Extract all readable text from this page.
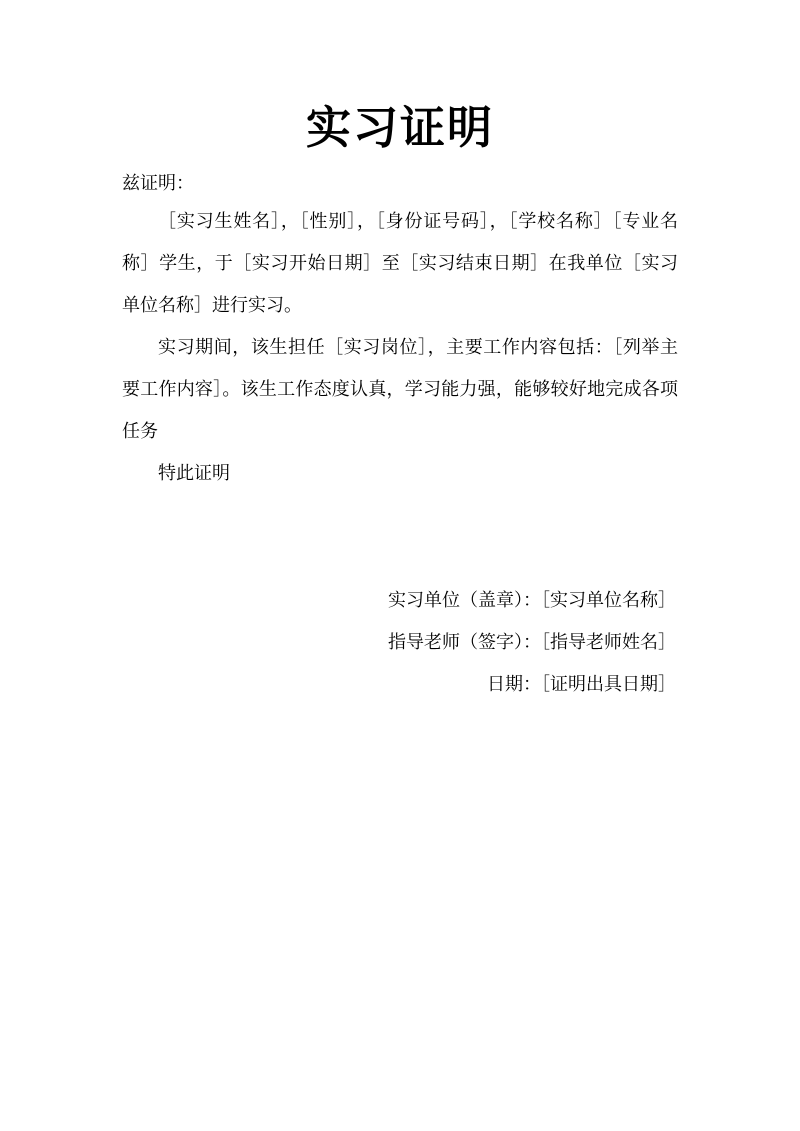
实习证明
兹证明：
［实习生姓名］，［性别］，［身份证号码］，［学校名称］［专业名称］学生，于［实习开始日期］至［实习结束日期］在我单位［实习单位名称］进行实习。
实习期间，该生担任［实习岗位］，主要工作内容包括：［列举主要工作内容］。该生工作态度认真，学习能力强，能够较好地完成各项任务
特此证明
实习单位（盖章）：［实习单位名称］
指导老师（签字）：［指导老师姓名］
日期：［证明出具日期］
